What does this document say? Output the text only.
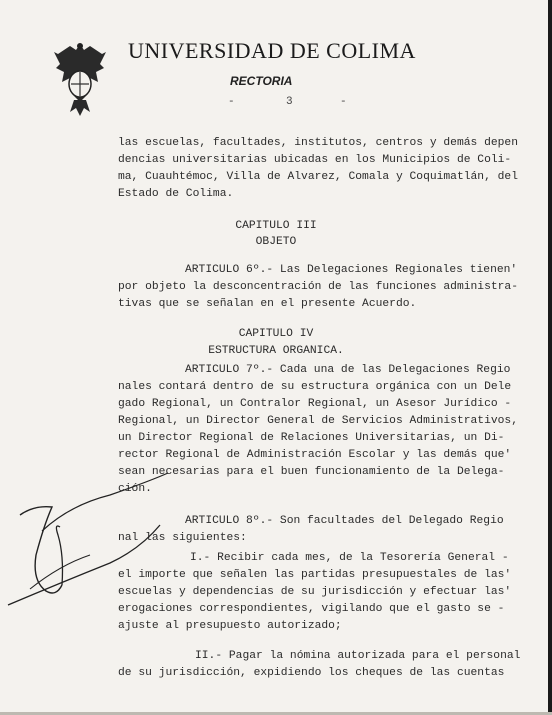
UNIVERSIDAD DE COLIMA
RECTORIA
-	3	-
las escuelas, facultades, institutos, centros y demás depen
dencias universitarias ubicadas en los Municipios de Coli-
ma, Cuauhtémoc, Villa de Alvarez, Comala y Coquimatlán, del
Estado de Colima.
CAPITULO III
OBJETO
ARTICULO 6º.- Las Delegaciones Regionales tienen'
por objeto la desconcentración de las funciones administra-
tivas que se señalan en el presente Acuerdo.
CAPITULO IV
ESTRUCTURA ORGANICA.
ARTICULO 7º.- Cada una de las Delegaciones Regio
nales contará dentro de su estructura orgánica con un Dele
gado Regional, un Contralor Regional, un Asesor Jurídico -
Regional, un Director General de Servicios Administrativos,
un Director Regional de Relaciones Universitarias, un Di-
rector Regional de Administración Escolar y las demás que'
sean necesarias para el buen funcionamiento de la Delega-
ción.
ARTICULO 8º.- Son facultades del Delegado Regio
nal las siguientes:
I.- Recibir cada mes, de la Tesorería General -
el importe que señalen las partidas presupuestales de las'
escuelas y dependencias de su jurisdicción y efectuar las'
erogaciones correspondientes, vigilando que el gasto se -
ajuste al presupuesto autorizado;
II.- Pagar la nómina autorizada para el personal
de su jurisdicción, expidiendo los cheques de las cuentas
